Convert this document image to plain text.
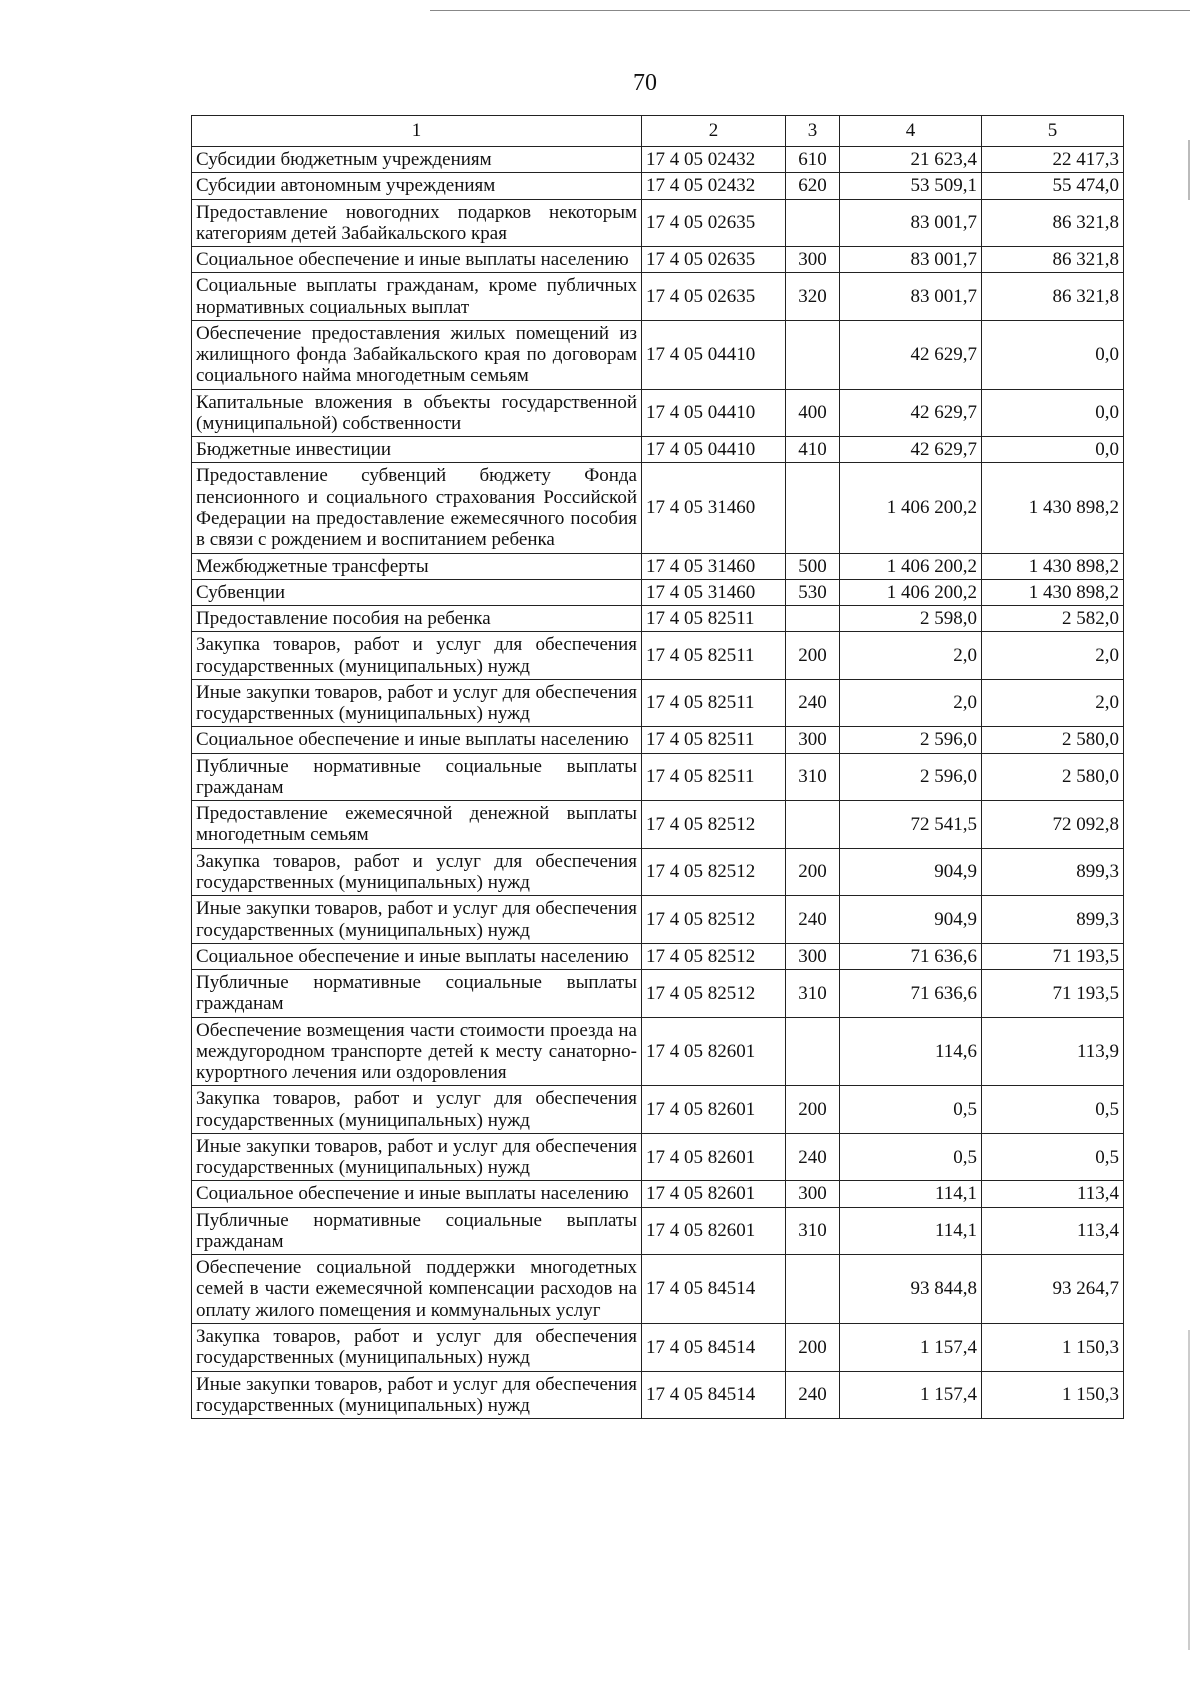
70
1	2	3	4	5
Субсидии бюджетным учреждениям	17 4 05 02432	610	21 623,4	22 417,3
Субсидии автономным учреждениям	17 4 05 02432	620	53 509,1	55 474,0
Предоставление новогодних подарков некоторым категориям детей Забайкальского края	17 4 05 02635		83 001,7	86 321,8
Социальное обеспечение и иные выплаты населению	17 4 05 02635	300	83 001,7	86 321,8
Социальные выплаты гражданам, кроме публичных нормативных социальных выплат	17 4 05 02635	320	83 001,7	86 321,8
Обеспечение предоставления жилых помещений из жилищного фонда Забайкальского края по договорам социального найма многодетным семьям	17 4 05 04410		42 629,7	0,0
Капитальные вложения в объекты государственной (муниципальной) собственности	17 4 05 04410	400	42 629,7	0,0
Бюджетные инвестиции	17 4 05 04410	410	42 629,7	0,0
Предоставление субвенций бюджету Фонда пенсионного и социального страхования Российской Федерации на предоставление ежемесячного пособия в связи с рождением и воспитанием ребенка	17 4 05 31460		1 406 200,2	1 430 898,2
Межбюджетные трансферты	17 4 05 31460	500	1 406 200,2	1 430 898,2
Субвенции	17 4 05 31460	530	1 406 200,2	1 430 898,2
Предоставление пособия на ребенка	17 4 05 82511		2 598,0	2 582,0
Закупка товаров, работ и услуг для обеспечения государственных (муниципальных) нужд	17 4 05 82511	200	2,0	2,0
Иные закупки товаров, работ и услуг для обеспечения государственных (муниципальных) нужд	17 4 05 82511	240	2,0	2,0
Социальное обеспечение и иные выплаты населению	17 4 05 82511	300	2 596,0	2 580,0
Публичные нормативные социальные выплаты гражданам	17 4 05 82511	310	2 596,0	2 580,0
Предоставление ежемесячной денежной выплаты многодетным семьям	17 4 05 82512		72 541,5	72 092,8
Закупка товаров, работ и услуг для обеспечения государственных (муниципальных) нужд	17 4 05 82512	200	904,9	899,3
Иные закупки товаров, работ и услуг для обеспечения государственных (муниципальных) нужд	17 4 05 82512	240	904,9	899,3
Социальное обеспечение и иные выплаты населению	17 4 05 82512	300	71 636,6	71 193,5
Публичные нормативные социальные выплаты гражданам	17 4 05 82512	310	71 636,6	71 193,5
Обеспечение возмещения части стоимости проезда на междугородном транспорте детей к месту санаторно-курортного лечения или оздоровления	17 4 05 82601		114,6	113,9
Закупка товаров, работ и услуг для обеспечения государственных (муниципальных) нужд	17 4 05 82601	200	0,5	0,5
Иные закупки товаров, работ и услуг для обеспечения государственных (муниципальных) нужд	17 4 05 82601	240	0,5	0,5
Социальное обеспечение и иные выплаты населению	17 4 05 82601	300	114,1	113,4
Публичные нормативные социальные выплаты гражданам	17 4 05 82601	310	114,1	113,4
Обеспечение социальной поддержки многодетных семей в части ежемесячной компенсации расходов на оплату жилого помещения и коммунальных услуг	17 4 05 84514		93 844,8	93 264,7
Закупка товаров, работ и услуг для обеспечения государственных (муниципальных) нужд	17 4 05 84514	200	1 157,4	1 150,3
Иные закупки товаров, работ и услуг для обеспечения государственных (муниципальных) нужд	17 4 05 84514	240	1 157,4	1 150,3
